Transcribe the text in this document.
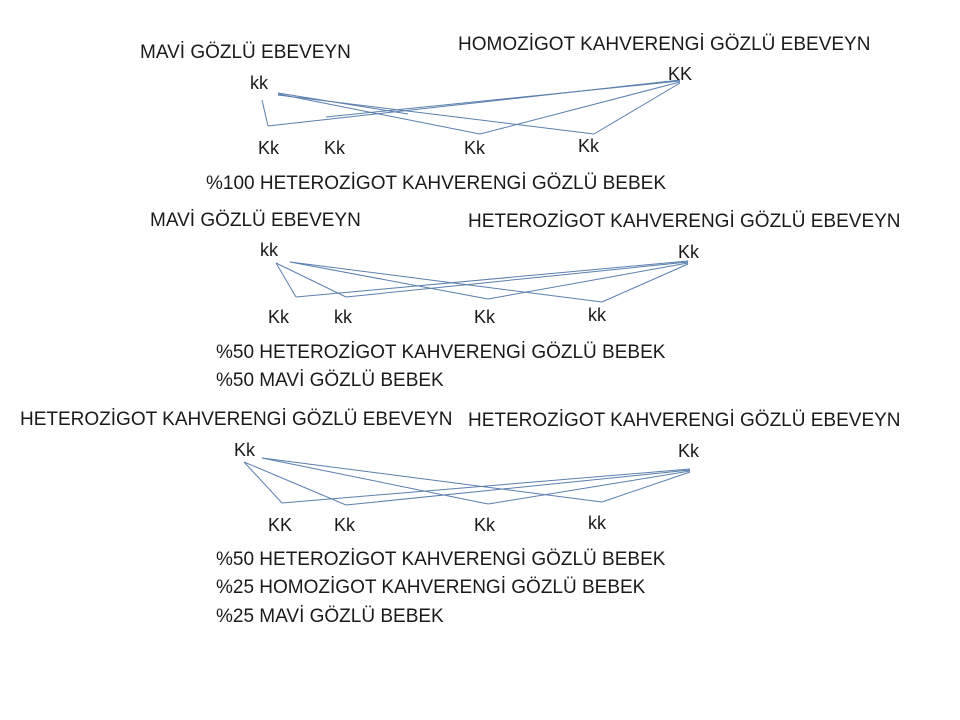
MAVİ GÖZLÜ EBEVEYN
kk
HOMOZİGOT KAHVERENGİ GÖZLÜ EBEVEYN
KK
Kk Kk	Kk	Kk
%100 HETEROZİGOT KAHVERENGİ GÖZLÜ BEBEK
MAVİ GÖZLÜ EBEVEYN
kk
HETEROZİGOT KAHVERENGİ GÖZLÜ EBEVEYN
Kk
Kk kk	Kk	kk
%50 HETEROZİGOT KAHVERENGİ GÖZLÜ BEBEK
%50 MAVİ GÖZLÜ BEBEK
HETEROZİGOT KAHVERENGİ GÖZLÜ EBEVEYN
Kk
HETEROZİGOT KAHVERENGİ GÖZLÜ EBEVEYN
Kk
KK Kk	Kk	kk
%50 HETEROZİGOT KAHVERENGİ GÖZLÜ BEBEK
%25 HOMOZİGOT KAHVERENGİ GÖZLÜ BEBEK
%25 MAVİ GÖZLÜ BEBEK
